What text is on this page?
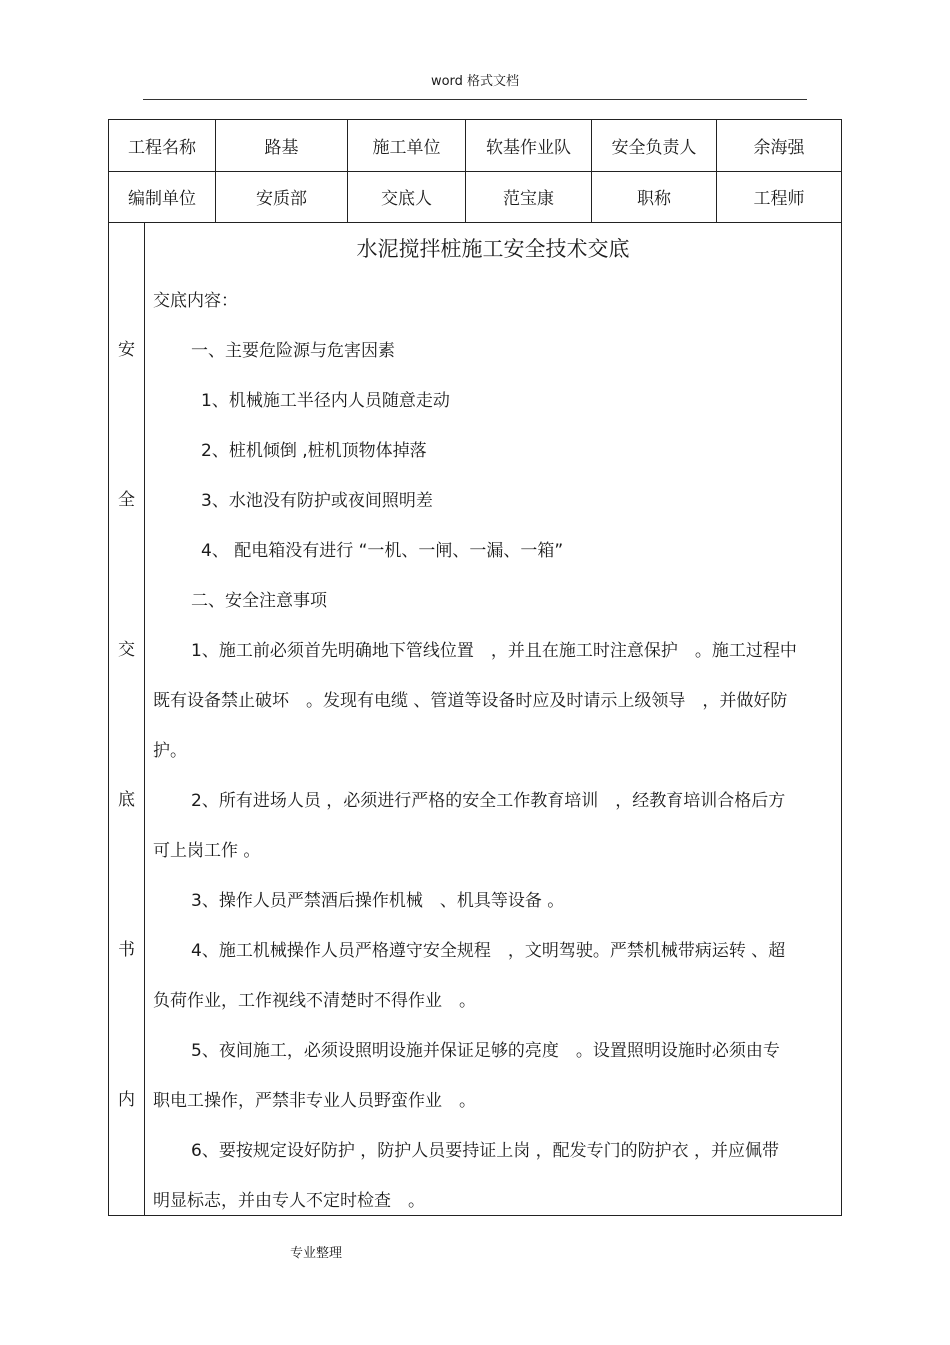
word 格式文档
工程名称	路基	施工单位	软基作业队	安全负责人	余海强
编制单位	安质部	交底人	范宝康	职称	工程师
安
全
交
底
书
内
水泥搅拌桩施工安全技术交底
交底内容：
一、主要危险源与危害因素
1、机械施工半径内人员随意走动
2、桩机倾倒 ,桩机顶物体掉落
3、水池没有防护或夜间照明差
4、 配电箱没有进行 “一机、一闸、一漏、一箱”
二、安全注意事项
1、施工前必须首先明确地下管线位置　，并且在施工时注意保护　。施工过程中
既有设备禁止破坏　。发现有电缆 、管道等设备时应及时请示上级领导　，并做好防
护。
2、所有进场人员 ，必须进行严格的安全工作教育培训　，经教育培训合格后方
可上岗工作 。
3、操作人员严禁酒后操作机械　、机具等设备 。
4、施工机械操作人员严格遵守安全规程　，文明驾驶。严禁机械带病运转 、超
负荷作业，工作视线不清楚时不得作业　。
5、夜间施工，必须设照明设施并保证足够的亮度　。设置照明设施时必须由专
职电工操作，严禁非专业人员野蛮作业　。
6、要按规定设好防护 ，防护人员要持证上岗 ，配发专门的防护衣 ，并应佩带
明显标志，并由专人不定时检查　。
专业整理
